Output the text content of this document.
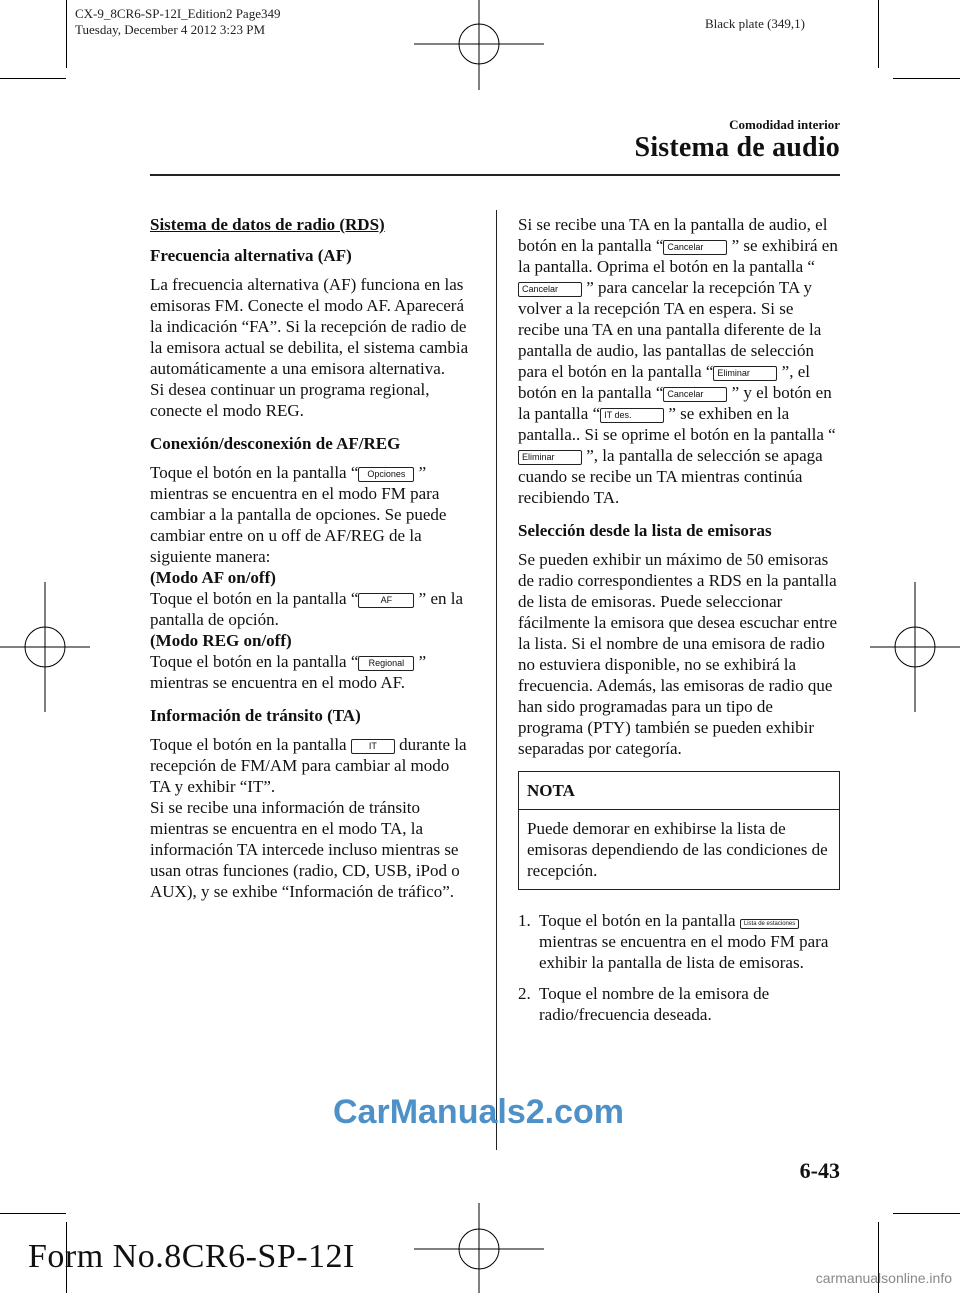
CX-9_8CR6-SP-12I_Edition2 Page349
Tuesday, December 4 2012 3:23 PM	Black plate (349,1)
Comodidad interior
Sistema de audio

Sistema de datos de radio (RDS)

Frecuencia alternativa (AF)

La frecuencia alternativa (AF) funciona en las emisoras FM. Conecte el modo AF. Aparecerá la indicación “FA”. Si la recepción de radio de la emisora actual se debilita, el sistema cambia automáticamente a una emisora alternativa.
Si desea continuar un programa regional, conecte el modo REG.

Conexión/desconexión de AF/REG

Toque el botón en la pantalla “ Opciones ” mientras se encuentra en el modo FM para cambiar a la pantalla de opciones. Se puede cambiar entre on u off de AF/REG de la siguiente manera:
(Modo AF on/off)
Toque el botón en la pantalla “ AF ” en la pantalla de opción.
(Modo REG on/off)
Toque el botón en la pantalla “ Regional ” mientras se encuentra en el modo AF.

Información de tránsito (TA)

Toque el botón en la pantalla IT durante la recepción de FM/AM para cambiar al modo TA y exhibir “IT”.
Si se recibe una información de tránsito mientras se encuentra en el modo TA, la información TA intercede incluso mientras se usan otras funciones (radio, CD, USB, iPod o AUX), y se exhibe “Información de tráfico”.

Si se recibe una TA en la pantalla de audio, el botón en la pantalla “ Cancelar ” se exhibirá en la pantalla. Oprima el botón en la pantalla “Cancelar ” para cancelar la recepción TA y volver a la recepción TA en espera. Si se recibe una TA en una pantalla diferente de la pantalla de audio, las pantallas de selección para el botón en la pantalla “ Eliminar ”, el botón en la pantalla “ Cancelar ” y el botón en la pantalla “ IT des. ” se exhiben en la pantalla.. Si se oprime el botón en la pantalla “Eliminar ”, la pantalla de selección se apaga cuando se recibe un TA mientras continúa recibiendo TA.

Selección desde la lista de emisoras

Se pueden exhibir un máximo de 50 emisoras de radio correspondientes a RDS en la pantalla de lista de emisoras. Puede seleccionar fácilmente la emisora que desea escuchar entre la lista. Si el nombre de una emisora de radio no estuviera disponible, no se exhibirá la frecuencia. Además, las emisoras de radio que han sido programadas para un tipo de programa (PTY) también se pueden exhibir separadas por categoría.

NOTA
Puede demorar en exhibirse la lista de emisoras dependiendo de las condiciones de recepción.
1. Toque el botón en la pantalla Lista de estaciones mientras se encuentra en el modo FM para exhibir la pantalla de lista de emisoras.
2. Toque el nombre de la emisora de radio/frecuencia deseada.
CarManuals2.com
6-43
Form No.8CR6-SP-12I
carmanualsonline.info
